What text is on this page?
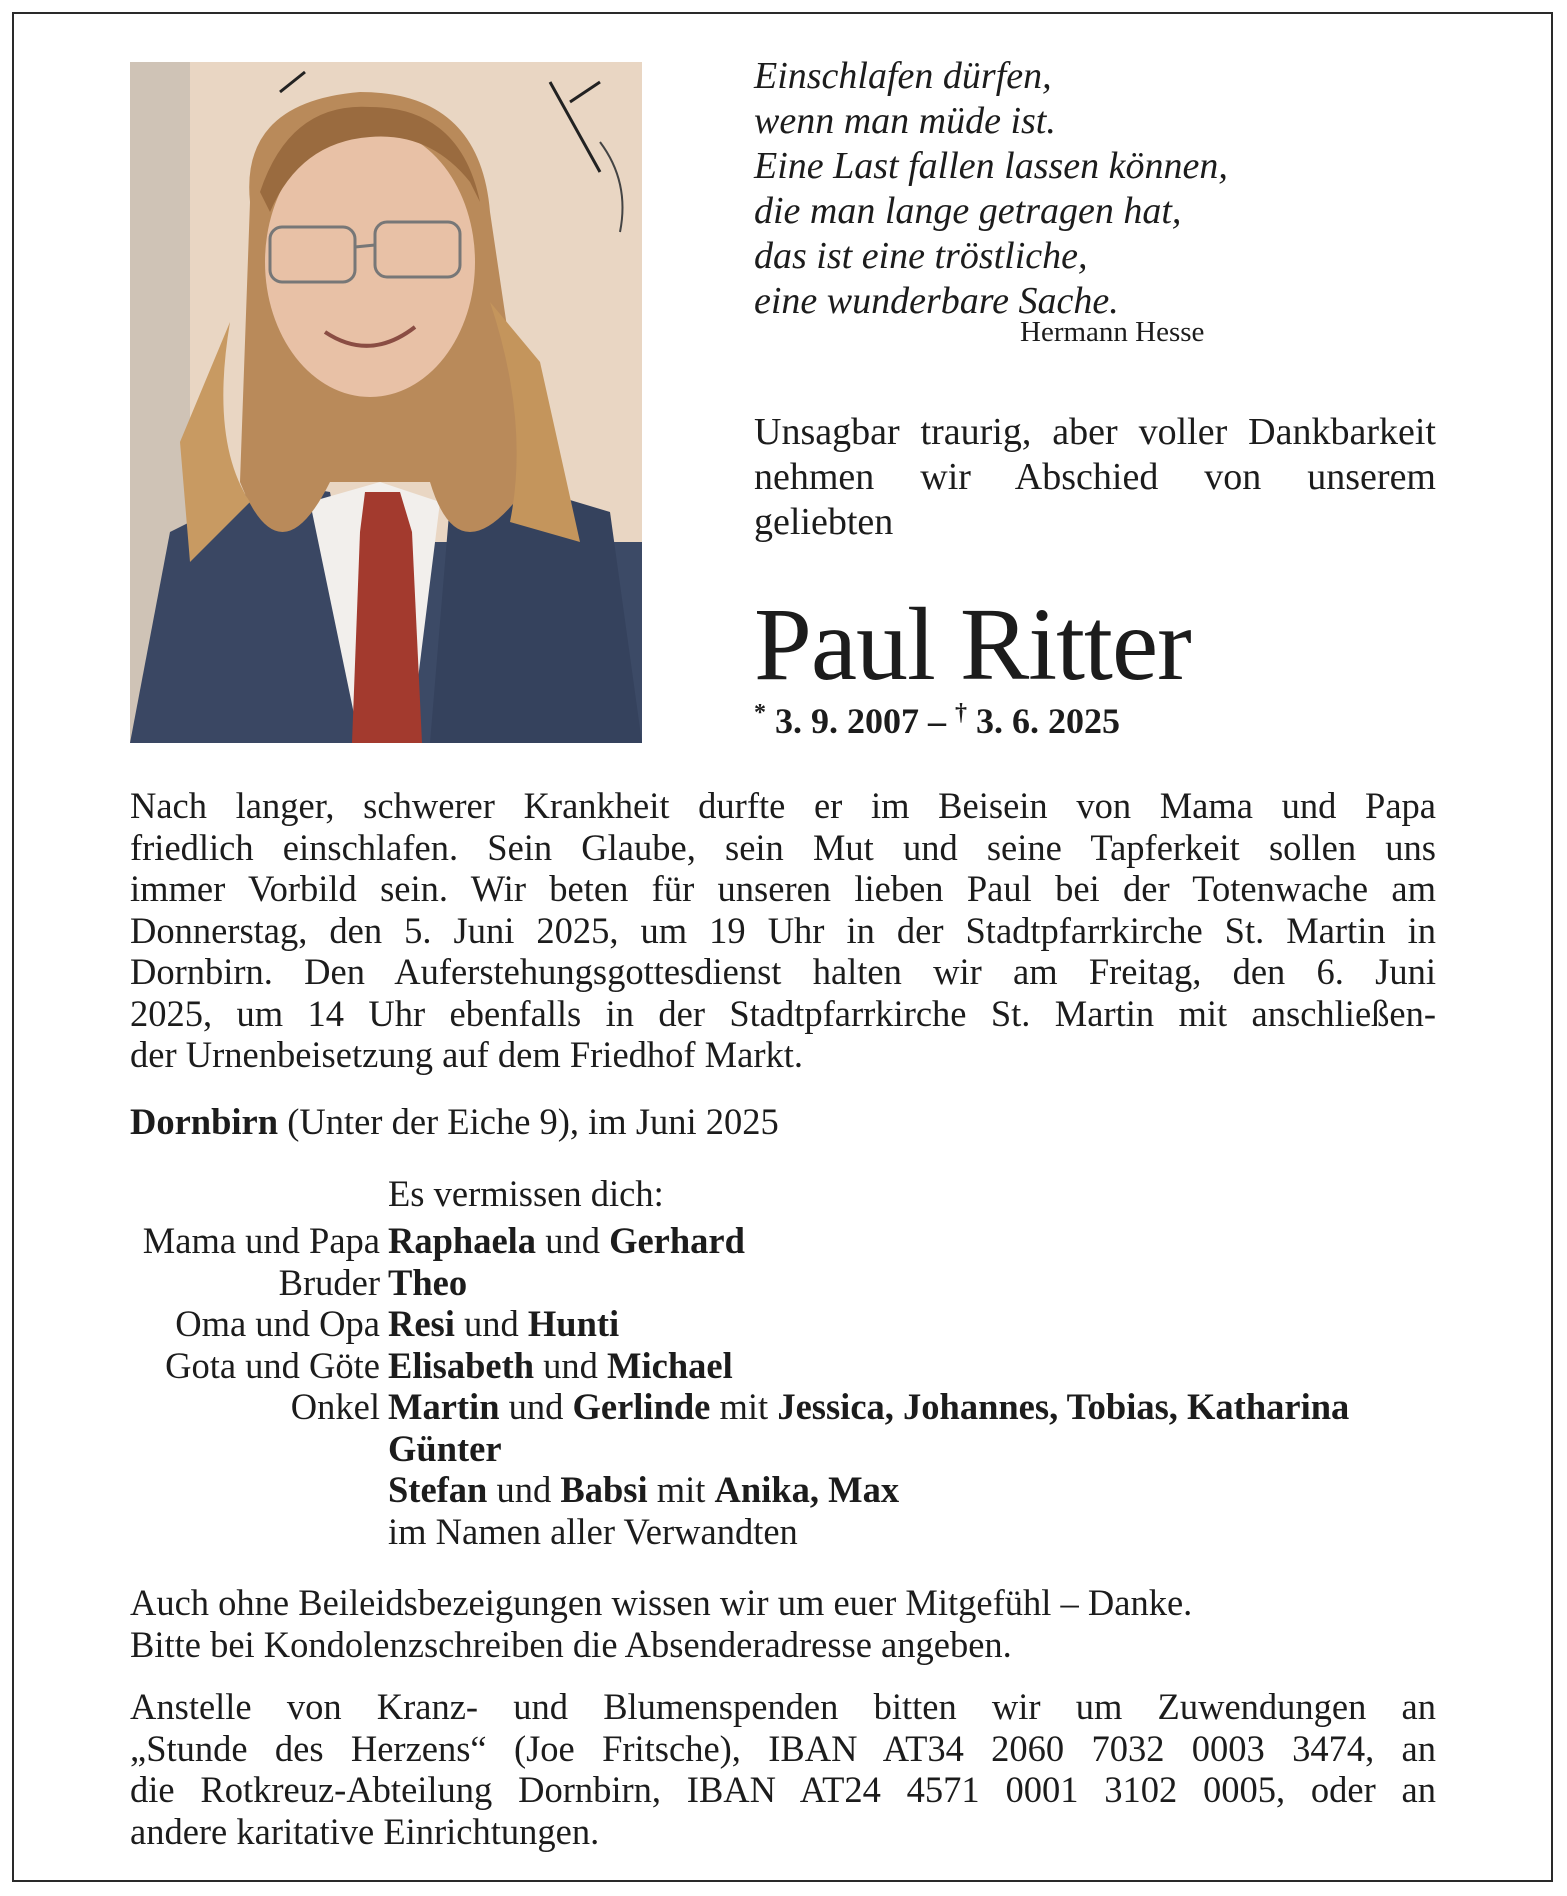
Einschlafen dürfen,
wenn man müde ist.
Eine Last fallen lassen können,
die man lange getragen hat,
das ist eine tröstliche,
eine wunderbare Sache.
Hermann Hesse
Unsagbar traurig, aber voller Dankbarkeit nehmen wir Abschied von unserem geliebten
Paul Ritter
* 3. 9. 2007 – † 3. 6. 2025
Nach langer, schwerer Krankheit durfte er im Beisein von Mama und Papa
friedlich einschlafen. Sein Glaube, sein Mut und seine Tapferkeit sollen uns
immer Vorbild sein. Wir beten für unseren lieben Paul bei der Totenwache am
Donnerstag, den 5. Juni 2025, um 19 Uhr in der Stadtpfarrkirche St. Martin in
Dornbirn. Den Auferstehungsgottesdienst halten wir am Freitag, den 6. Juni
2025, um 14 Uhr ebenfalls in der Stadtpfarrkirche St. Martin mit anschließen-
der Urnenbeisetzung auf dem Friedhof Markt.
Dornbirn (Unter der Eiche 9), im Juni 2025
Es vermissen dich:
Mama und Papa Raphaela und Gerhard
Bruder Theo
Oma und Opa Resi und Hunti
Gota und Göte Elisabeth und Michael
Onkel Martin und Gerlinde mit Jessica, Johannes, Tobias, Katharina
Günter
Stefan und Babsi mit Anika, Max
im Namen aller Verwandten
Auch ohne Beileidsbezeigungen wissen wir um euer Mitgefühl – Danke.
Bitte bei Kondolenzschreiben die Absenderadresse angeben.
Anstelle von Kranz- und Blumenspenden bitten wir um Zuwendungen an
„Stunde des Herzens“ (Joe Fritsche), IBAN AT34 2060 7032 0003 3474, an
die Rotkreuz-Abteilung Dornbirn, IBAN AT24 4571 0001 3102 0005, oder an
andere karitative Einrichtungen.
